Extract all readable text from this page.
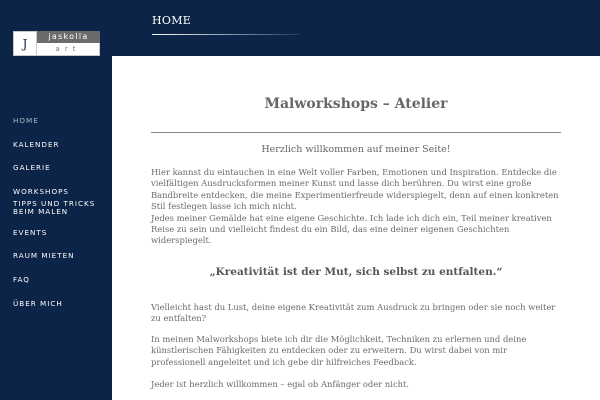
J	jaskolla
art
HOME
KALENDER
GALERIE
WORKSHOPS
TIPPS UND TRICKS BEIM MALEN
EVENTS
RAUM MIETEN
FAQ
ÜBER MICH
HOME
Malworkshops – Atelier

Herzlich willkommen auf meiner Seite!

Hier kannst du eintauchen in eine Welt voller Farben, Emotionen und Inspiration. Entdecke die vielfältigen Ausdrucksformen meiner Kunst und lasse dich berühren. Du wirst eine große Bandbreite entdecken, die meine Experimentierfreude widerspiegelt, denn auf einen konkreten Stil festlegen lasse ich mich nicht.
Jedes meiner Gemälde hat eine eigene Geschichte. Ich lade ich dich ein, Teil meiner kreativen Reise zu sein und vielleicht findest du ein Bild, das eine deiner eigenen Geschichten widerspiegelt.

„Kreativität ist der Mut, sich selbst zu entfalten.“

Vielleicht hast du Lust, deine eigene Kreativität zum Ausdruck zu bringen oder sie noch weiter zu entfalten?

In meinen Malworkshops biete ich dir die Möglichkeit, Techniken zu erlernen und deine künstlerischen Fähigkeiten zu entdecken oder zu erweitern. Du wirst dabei von mir professionell angeleitet und ich gebe dir hilfreiches Feedback.

Jeder ist herzlich willkommen – egal ob Anfänger oder nicht.
